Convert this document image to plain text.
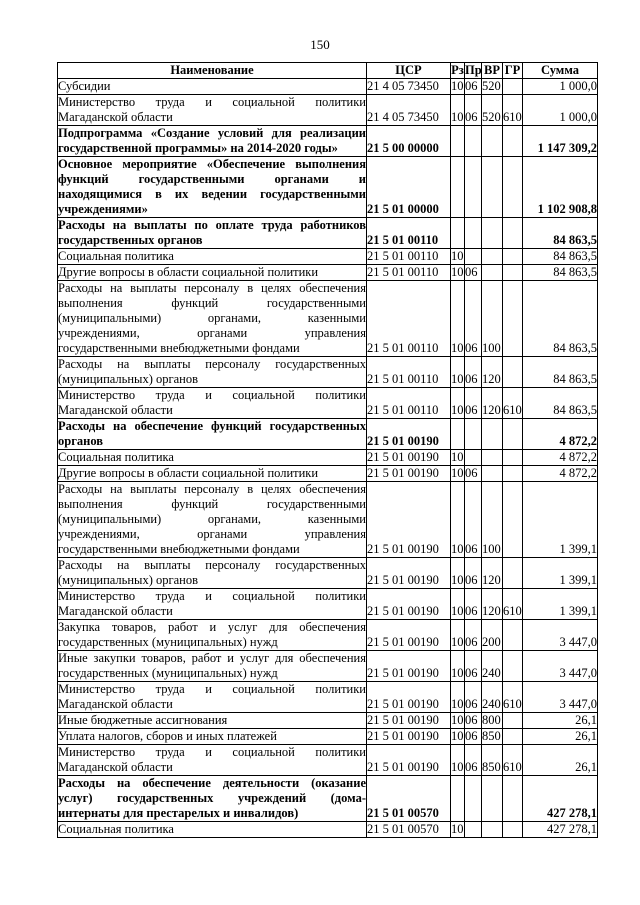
150
Наименование	ЦСР	Рз	Пр	ВР	ГР	Сумма

Субсидии	21 4 05 73450	10	06	520		1 000,0

Министерство труда и социальной политики
Магаданской области	21 4 05 73450	10	06	520	610	1 000,0

Подпрограмма «Создание условий для реализации
государственной программы» на 2014-2020 годы»	21 5 00 00000					1 147 309,2

Основное мероприятие «Обеспечение выполнения
функций государственными органами и
находящимися в их ведении государственными
учреждениями»	21 5 01 00000					1 102 908,8

Расходы на выплаты по оплате труда работников
государственных органов	21 5 01 00110					84 863,5

Социальная политика	21 5 01 00110	10				84 863,5

Другие вопросы в области социальной политики	21 5 01 00110	10	06			84 863,5

Расходы на выплаты персоналу в целях обеспечения
выполнения функций государственными
(муниципальными) органами, казенными
учреждениями, органами управления
государственными внебюджетными фондами	21 5 01 00110	10	06	100		84 863,5

Расходы на выплаты персоналу государственных
(муниципальных) органов	21 5 01 00110	10	06	120		84 863,5

Министерство труда и социальной политики
Магаданской области	21 5 01 00110	10	06	120	610	84 863,5

Расходы на обеспечение функций государственных
органов	21 5 01 00190					4 872,2

Социальная политика	21 5 01 00190	10				4 872,2

Другие вопросы в области социальной политики	21 5 01 00190	10	06			4 872,2

Расходы на выплаты персоналу в целях обеспечения
выполнения функций государственными
(муниципальными) органами, казенными
учреждениями, органами управления
государственными внебюджетными фондами	21 5 01 00190	10	06	100		1 399,1

Расходы на выплаты персоналу государственных
(муниципальных) органов	21 5 01 00190	10	06	120		1 399,1

Министерство труда и социальной политики
Магаданской области	21 5 01 00190	10	06	120	610	1 399,1

Закупка товаров, работ и услуг для обеспечения
государственных (муниципальных) нужд	21 5 01 00190	10	06	200		3 447,0

Иные закупки товаров, работ и услуг для обеспечения
государственных (муниципальных) нужд	21 5 01 00190	10	06	240		3 447,0

Министерство труда и социальной политики
Магаданской области	21 5 01 00190	10	06	240	610	3 447,0

Иные бюджетные ассигнования	21 5 01 00190	10	06	800		26,1

Уплата налогов, сборов и иных платежей	21 5 01 00190	10	06	850		26,1

Министерство труда и социальной политики
Магаданской области	21 5 01 00190	10	06	850	610	26,1

Расходы на обеспечение деятельности (оказание
услуг) государственных учреждений (дома-
интернаты для престарелых и инвалидов)	21 5 01 00570					427 278,1

Социальная политика	21 5 01 00570	10				427 278,1
